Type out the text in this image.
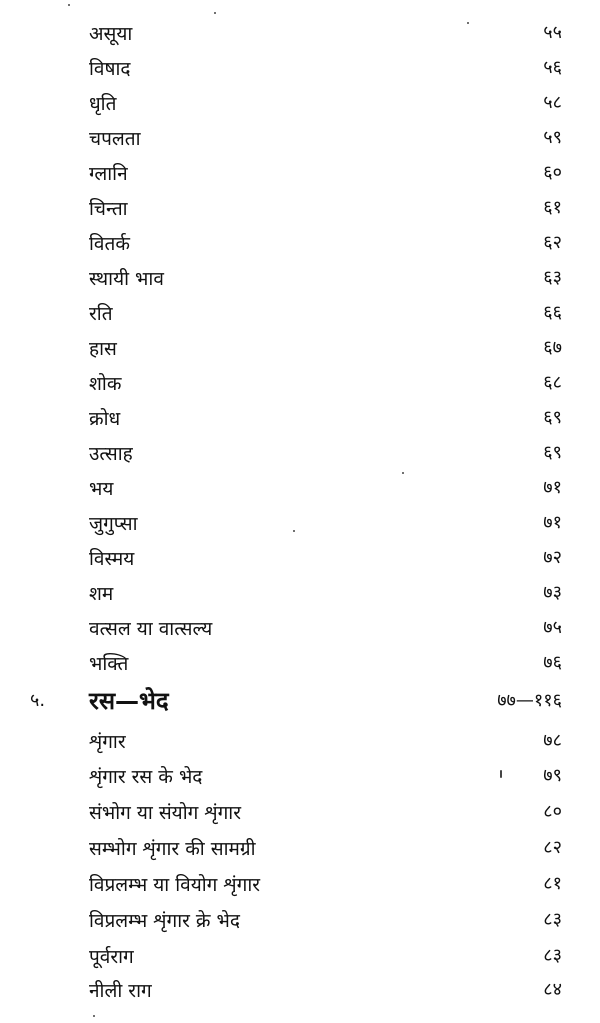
असूया	५५
विषाद	५६
धृति	५८
चपलता	५९
ग्लानि	६०
चिन्ता	६१
वितर्क	६२
स्थायी भाव	६३
रति	६६
हास	६७
शोक	६८
क्रोध	६९
उत्साह	६९
भय	७१
जुगुप्सा	७१
विस्मय	७२
शम	७३
वत्सल या वात्सल्य	७५
भक्ति	७६
५. रस—भेद	७७—११६
शृंगार	७८
शृंगार रस के भेद	७९
संभोग या संयोग शृंगार	८०
सम्भोग शृंगार की सामग्री	८२
विप्रलम्भ या वियोग शृंगार	८१
विप्रलम्भ शृंगार क्रे भेद	८३
पूर्वराग	८३
नीली राग	८४
